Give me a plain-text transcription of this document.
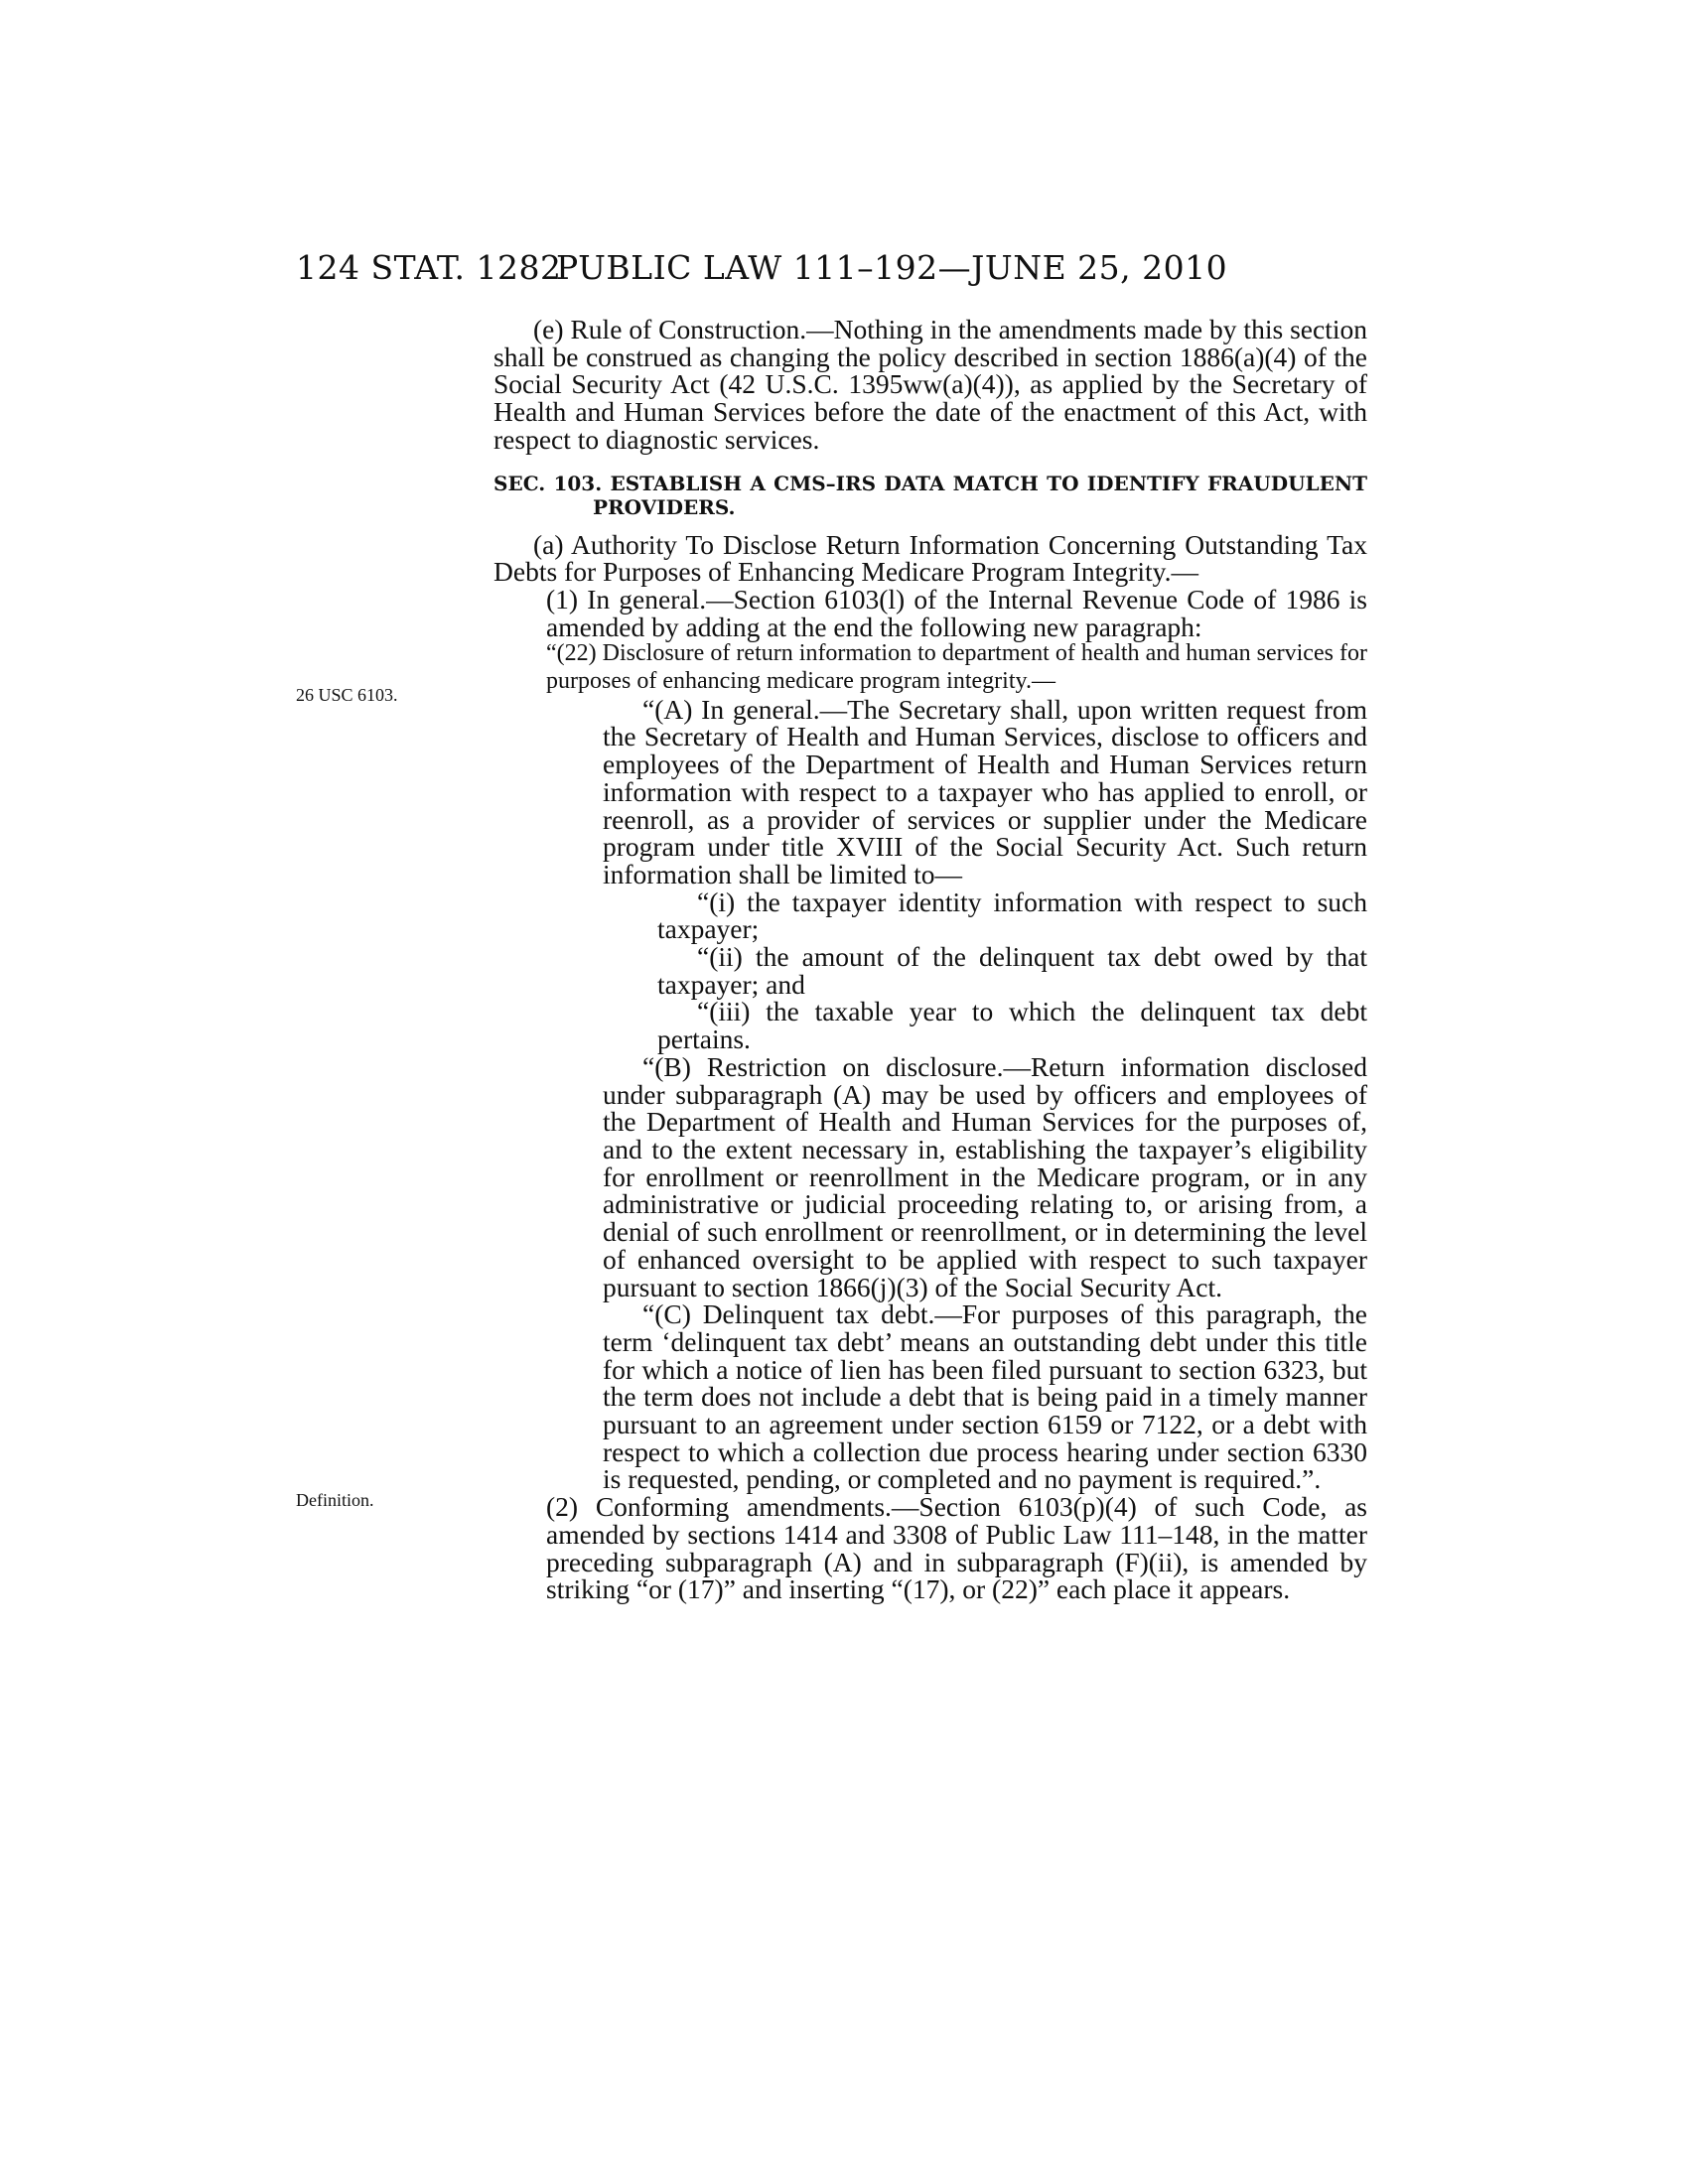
124 STAT. 1282
PUBLIC LAW 111–192—JUNE 25, 2010
26 USC 6103.
Definition.

(e) Rule of Construction.—Nothing in the amendments made by this section shall be construed as changing the policy described in section 1886(a)(4) of the Social Security Act (42 U.S.C. 1395ww(a)(4)), as applied by the Secretary of Health and Human Services before the date of the enactment of this Act, with respect to diagnostic services.

SEC. 103. ESTABLISH A CMS–IRS DATA MATCH TO IDENTIFY FRAUDULENT PROVIDERS.

(a) Authority To Disclose Return Information Concerning Outstanding Tax Debts for Purposes of Enhancing Medicare Program Integrity.—

(1) In general.—Section 6103(l) of the Internal Revenue Code of 1986 is amended by adding at the end the following new paragraph:

“(22) Disclosure of return information to department of health and human services for purposes of enhancing medicare program integrity.—

“(A) In general.—The Secretary shall, upon written request from the Secretary of Health and Human Services, disclose to officers and employees of the Department of Health and Human Services return information with respect to a taxpayer who has applied to enroll, or reenroll, as a provider of services or supplier under the Medicare program under title XVIII of the Social Security Act. Such return information shall be limited to—

“(i) the taxpayer identity information with respect to such taxpayer;

“(ii) the amount of the delinquent tax debt owed by that taxpayer; and

“(iii) the taxable year to which the delinquent tax debt pertains.

“(B) Restriction on disclosure.—Return information disclosed under subparagraph (A) may be used by officers and employees of the Department of Health and Human Services for the purposes of, and to the extent necessary in, establishing the taxpayer’s eligibility for enrollment or reenrollment in the Medicare program, or in any administrative or judicial proceeding relating to, or arising from, a denial of such enrollment or reenrollment, or in determining the level of enhanced oversight to be applied with respect to such taxpayer pursuant to section 1866(j)(3) of the Social Security Act.

“(C) Delinquent tax debt.—For purposes of this paragraph, the term ‘delinquent tax debt’ means an outstanding debt under this title for which a notice of lien has been filed pursuant to section 6323, but the term does not include a debt that is being paid in a timely manner pursuant to an agreement under section 6159 or 7122, or a debt with respect to which a collection due process hearing under section 6330 is requested, pending, or completed and no payment is required.”.

(2) Conforming amendments.—Section 6103(p)(4) of such Code, as amended by sections 1414 and 3308 of Public Law 111–148, in the matter preceding subparagraph (A) and in subparagraph (F)(ii), is amended by striking “or (17)” and inserting “(17), or (22)” each place it appears.
